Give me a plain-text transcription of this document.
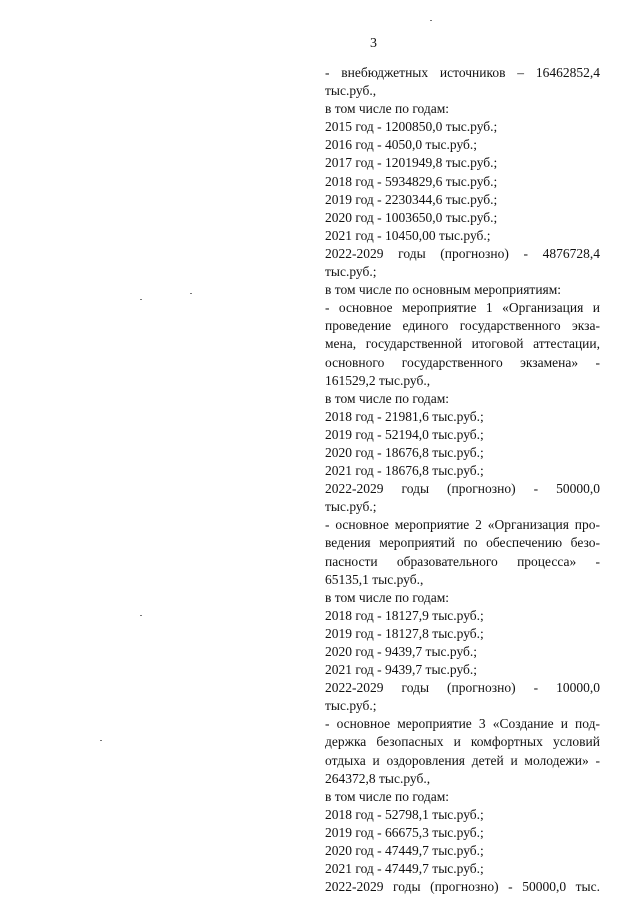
3
- внебюджетных источников – 16462852,4
тыс.руб.,
в том числе по годам:
2015 год - 1200850,0 тыс.руб.;
2016 год - 4050,0 тыс.руб.;
2017 год - 1201949,8 тыс.руб.;
2018 год - 5934829,6 тыс.руб.;
2019 год - 2230344,6 тыс.руб.;
2020 год - 1003650,0 тыс.руб.;
2021 год - 10450,00 тыс.руб.;
2022-2029 годы (прогнозно) - 4876728,4
тыс.руб.;
в том числе по основным мероприятиям:
- основное мероприятие 1 «Организация и
проведение единого государственного экза-
мена, государственной итоговой аттестации,
основного государственного экзамена» -
161529,2 тыс.руб.,
в том числе по годам:
2018 год - 21981,6 тыс.руб.;
2019 год - 52194,0 тыс.руб.;
2020 год - 18676,8 тыс.руб.;
2021 год - 18676,8 тыс.руб.;
2022-2029 годы (прогнозно) - 50000,0
тыс.руб.;
- основное мероприятие 2 «Организация про-
ведения мероприятий по обеспечению безо-
пасности образовательного процесса» -
65135,1 тыс.руб.,
в том числе по годам:
2018 год - 18127,9 тыс.руб.;
2019 год - 18127,8 тыс.руб.;
2020 год - 9439,7 тыс.руб.;
2021 год - 9439,7 тыс.руб.;
2022-2029 годы (прогнозно) - 10000,0
тыс.руб.;
- основное мероприятие 3 «Создание и под-
держка безопасных и комфортных условий
отдыха и оздоровления детей и молодежи» -
264372,8 тыс.руб.,
в том числе по годам:
2018 год - 52798,1 тыс.руб.;
2019 год - 66675,3 тыс.руб.;
2020 год - 47449,7 тыс.руб.;
2021 год - 47449,7 тыс.руб.;
2022-2029 годы (прогнозно) - 50000,0 тыс.
